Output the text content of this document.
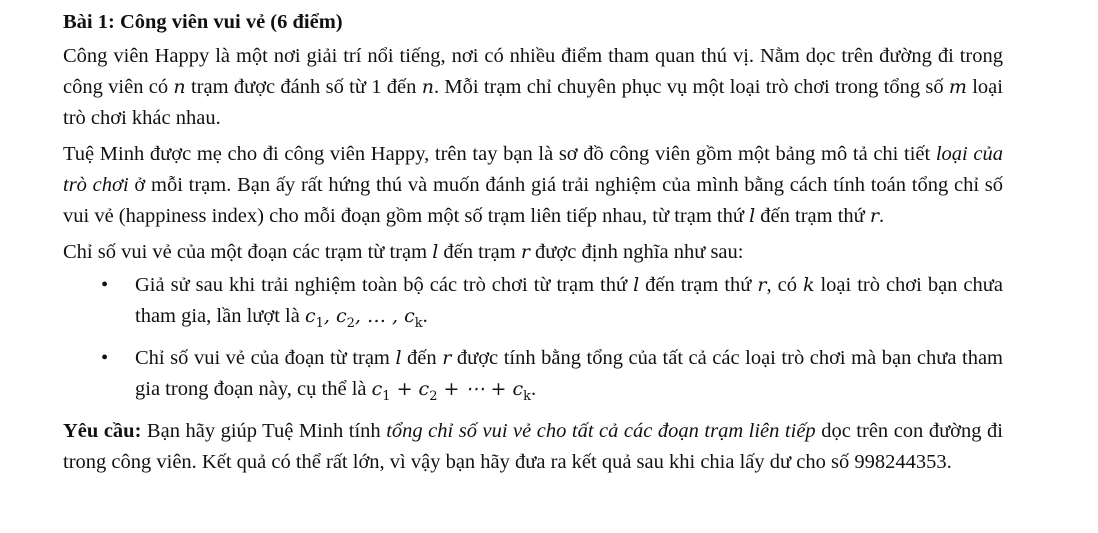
Bài 1: Công viên vui vẻ (6 điểm)

Công viên Happy là một nơi giải trí nổi tiếng, nơi có nhiều điểm tham quan thú vị. Nằm dọc trên đường đi trong công viên có n trạm được đánh số từ 1 đến n. Mỗi trạm chỉ chuyên phục vụ một loại trò chơi trong tổng số m loại trò chơi khác nhau.

Tuệ Minh được mẹ cho đi công viên Happy, trên tay bạn là sơ đồ công viên gồm một bảng mô tả chi tiết loại của trò chơi ở mỗi trạm. Bạn ấy rất hứng thú và muốn đánh giá trải nghiệm của mình bằng cách tính toán tổng chỉ số vui vẻ (happiness index) cho mỗi đoạn gồm một số trạm liên tiếp nhau, từ trạm thứ l đến trạm thứ r.

Chỉ số vui vẻ của một đoạn các trạm từ trạm l đến trạm r được định nghĩa như sau:

• Giả sử sau khi trải nghiệm toàn bộ các trò chơi từ trạm thứ l đến trạm thứ r, có k loại trò chơi bạn chưa tham gia, lần lượt là $c_1$, $c_2$, … , $c_k$.
• Chỉ số vui vẻ của đoạn từ trạm l đến r được tính bằng tổng của tất cả các loại trò chơi mà bạn chưa tham gia trong đoạn này, cụ thể là $c_1 + c_2$ + ⋯ + $c_k$.

Yêu cầu: Bạn hãy giúp Tuệ Minh tính tổng chỉ số vui vẻ cho tất cả các đoạn trạm liên tiếp dọc trên con đường đi trong công viên. Kết quả có thể rất lớn, vì vậy bạn hãy đưa ra kết quả sau khi chia lấy dư cho số 998244353.
